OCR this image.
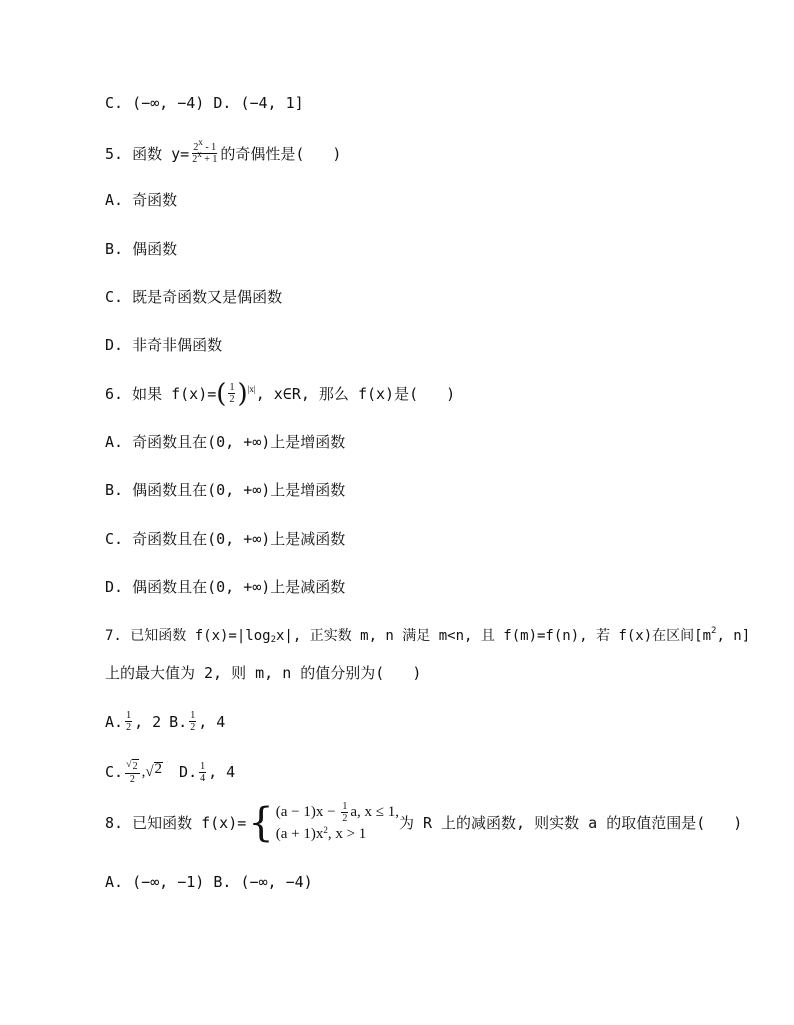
C. (−∞, −4) D. (−4, 1]
5. 函数 $y= \frac{2x - 1}{2x + 1}$ 的奇偶性是( )
A. 奇函数
B. 偶函数
C. 既是奇函数又是偶函数
D. 非奇非偶函数
6. 如果 f(x)= ( $\frac{1}{2}$ ) |x| , x∈R, 那么 f(x)是( )
A. 奇函数且在(0, +∞)上是增函数
B. 偶函数且在(0, +∞)上是增函数
C. 奇函数且在(0, +∞)上是减函数
D. 偶函数且在(0, +∞)上是减函数
7. 已知函数 f(x)=|log 2 x|, 正实数 m, n 满足 m<n, 且 f(m)=f(n), 若 f(x)在区间[m 2 , n]
上的最大值为 2, 则 m, n 的值分别为( )
A. $\frac{1}{2}$ , 2 B. $\frac{1}{2}$ , 4
C. $\frac{√ 2}{2}$ , √ 2 D. $\frac{1}{4}$ , 4
8. 已知函数 f(x)= { $(a - 1)x - \frac{1}{2} a$, x ≤ 1,
$(a + 1)x^2$, x > 1
为 R 上的减函数, 则实数 a 的取值范围是( )
A. (−∞, −1) B. (−∞, −4)
